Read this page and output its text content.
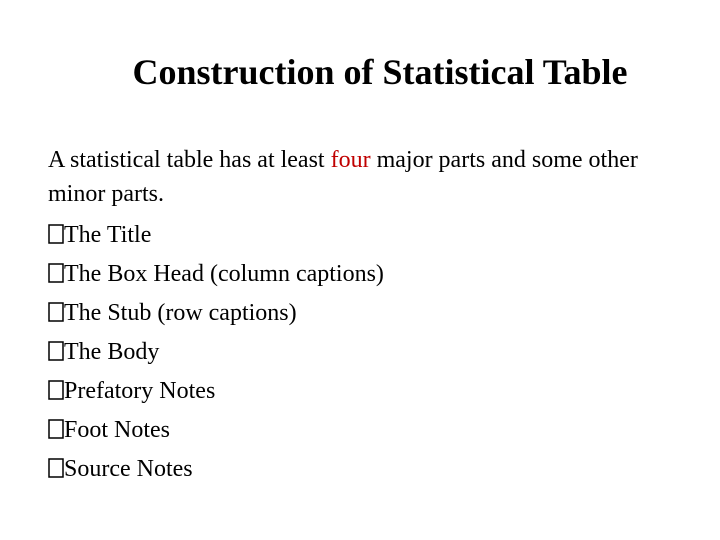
Construction of Statistical Table

A statistical table has at least four major parts and some other minor parts.

The Title
The Box Head (column captions)
The Stub (row captions)
The Body
Prefatory Notes
Foot Notes
Source Notes
